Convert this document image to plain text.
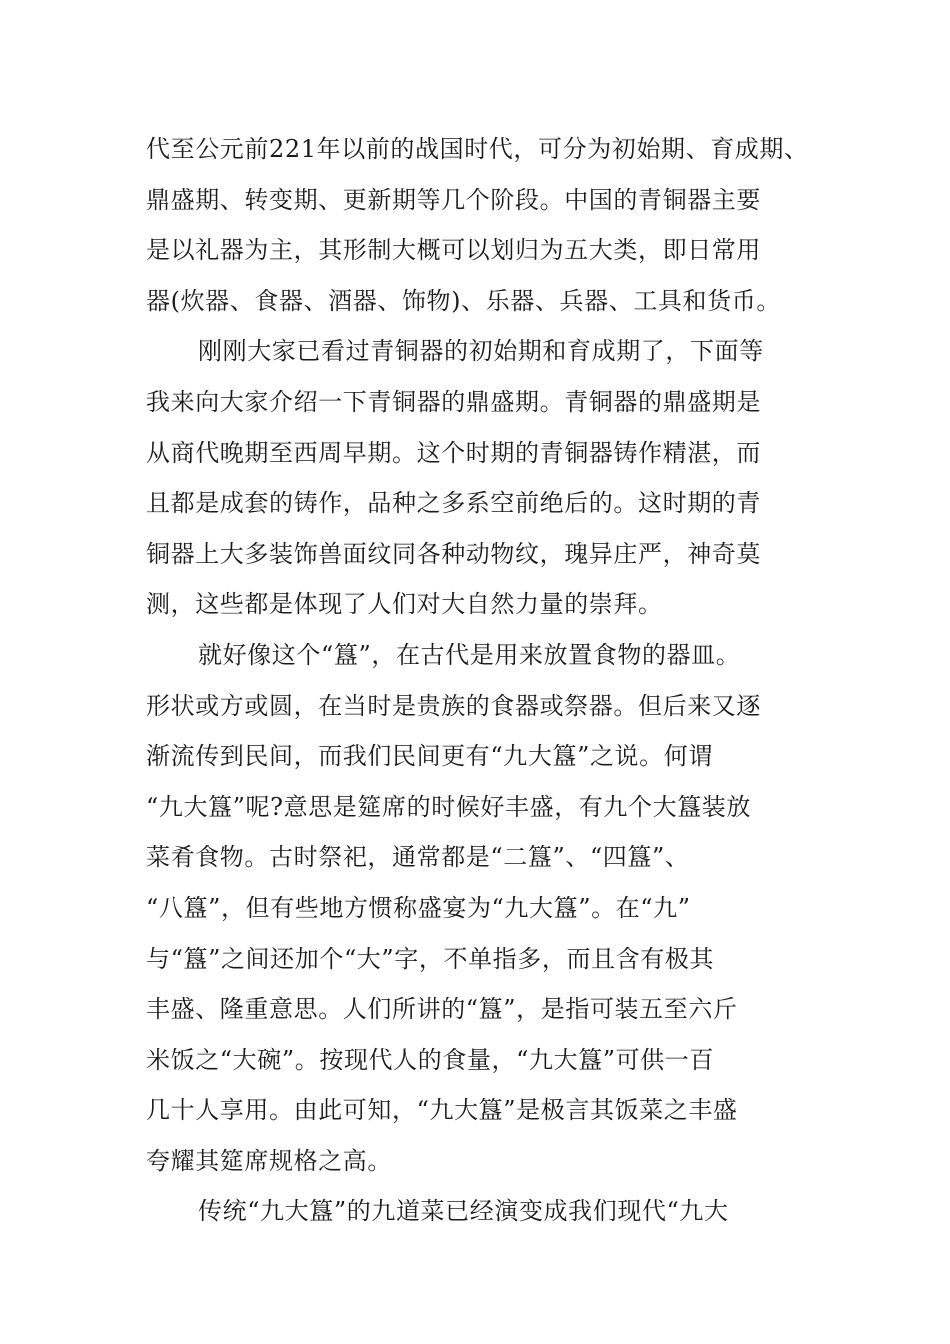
代至公元前221年以前的战国时代，可分为初始期、育成期、
鼎盛期、转变期、更新期等几个阶段。中国的青铜器主要
是以礼器为主，其形制大概可以划归为五大类，即日常用
器(炊器、食器、酒器、饰物)、乐器、兵器、工具和货币。
刚刚大家已看过青铜器的初始期和育成期了，下面等
我来向大家介绍一下青铜器的鼎盛期。青铜器的鼎盛期是
从商代晚期至西周早期。这个时期的青铜器铸作精湛，而
且都是成套的铸作，品种之多系空前绝后的。这时期的青
铜器上大多装饰兽面纹同各种动物纹，瑰异庄严，神奇莫
测，这些都是体现了人们对大自然力量的崇拜。
就好像这个“簋”，在古代是用来放置食物的器皿。
形状或方或圆，在当时是贵族的食器或祭器。但后来又逐
渐流传到民间，而我们民间更有“九大簋”之说。何谓
“九大簋”呢?意思是筵席的时候好丰盛，有九个大簋装放
菜肴食物。古时祭祀，通常都是“二簋”、“四簋”、
“八簋”，但有些地方惯称盛宴为“九大簋”。在“九”
与“簋”之间还加个“大”字，不单指多，而且含有极其
丰盛、隆重意思。人们所讲的“簋”，是指可装五至六斤
米饭之“大碗”。按现代人的食量，“九大簋”可供一百
几十人享用。由此可知，“九大簋”是极言其饭菜之丰盛
夸耀其筵席规格之高。
传统“九大簋”的九道菜已经演变成我们现代“九大
